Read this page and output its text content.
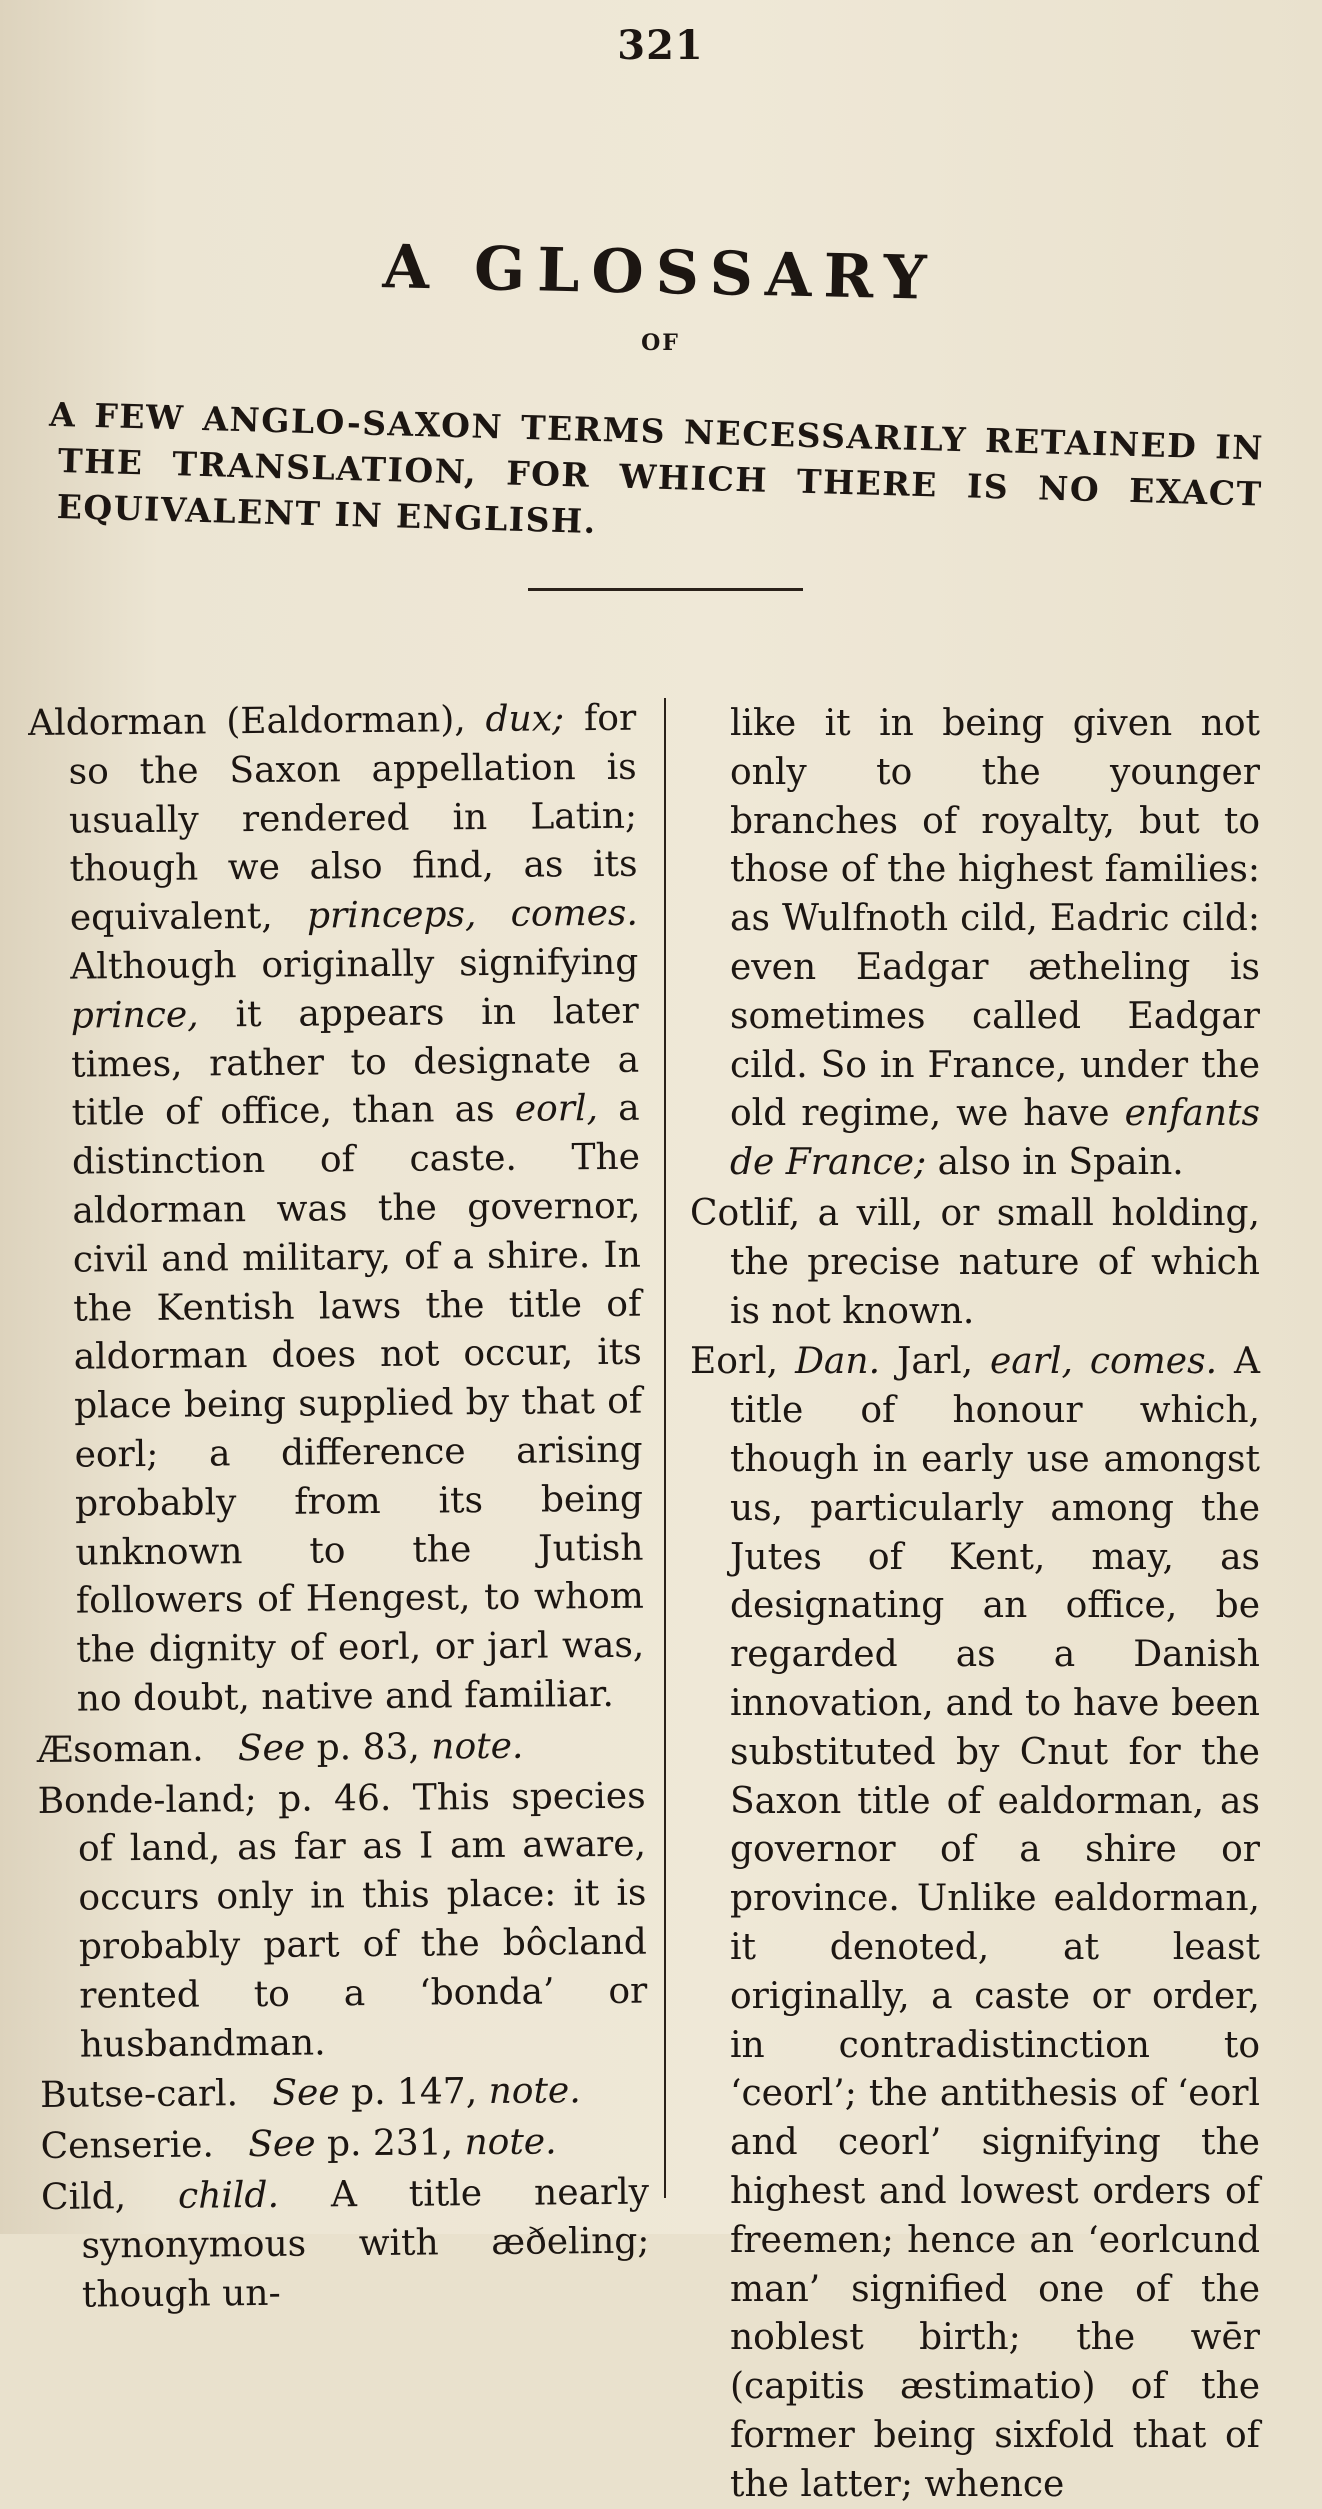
321
A GLOSSARY
OF
A FEW ANGLO-SAXON TERMS NECESSARILY RETAINED IN THE TRANSLATION, FOR WHICH THERE IS NO EXACT EQUIVALENT IN ENGLISH.

Aldorman (Ealdorman), dux; for so the Saxon appellation is usually rendered in Latin; though we also find, as its equivalent, princeps, comes. Although originally signifying prince, it appears in later times, rather to designate a title of office, than as eorl, a distinction of caste. The aldorman was the governor, civil and military, of a shire. In the Kentish laws the title of aldorman does not occur, its place being supplied by that of eorl; a difference arising probably from its being unknown to the Jutish followers of Hengest, to whom the dignity of eorl, or jarl was, no doubt, native and familiar.

Æsoman. See p. 83, note.

Bonde-land; p. 46. This species of land, as far as I am aware, occurs only in this place: it is probably part of the bôcland rented to a ‘bonda’ or husbandman.

Butse-carl. See p. 147, note.

Censerie. See p. 231, note.

Cild, child. A title nearly synonymous with æðeling; though un-

like it in being given not only to the younger branches of royalty, but to those of the highest families: as Wulfnoth cild, Eadric cild: even Eadgar ætheling is sometimes called Eadgar cild. So in France, under the old regime, we have enfants de France; also in Spain.

Cotlif, a vill, or small holding, the precise nature of which is not known.

Eorl, Dan. Jarl, earl, comes. A title of honour which, though in early use amongst us, particularly among the Jutes of Kent, may, as designating an office, be regarded as a Danish innovation, and to have been substituted by Cnut for the Saxon title of ealdorman, as governor of a shire or province. Unlike ealdorman, it denoted, at least originally, a caste or order, in contradistinction to ‘ceorl’; the antithesis of ‘eorl and ceorl’ signifying the highest and lowest orders of freemen; hence an ‘eorlcund man’ signified one of the noblest birth; the wēr (capitis æstimatio) of the former being sixfold that of the latter; whence
